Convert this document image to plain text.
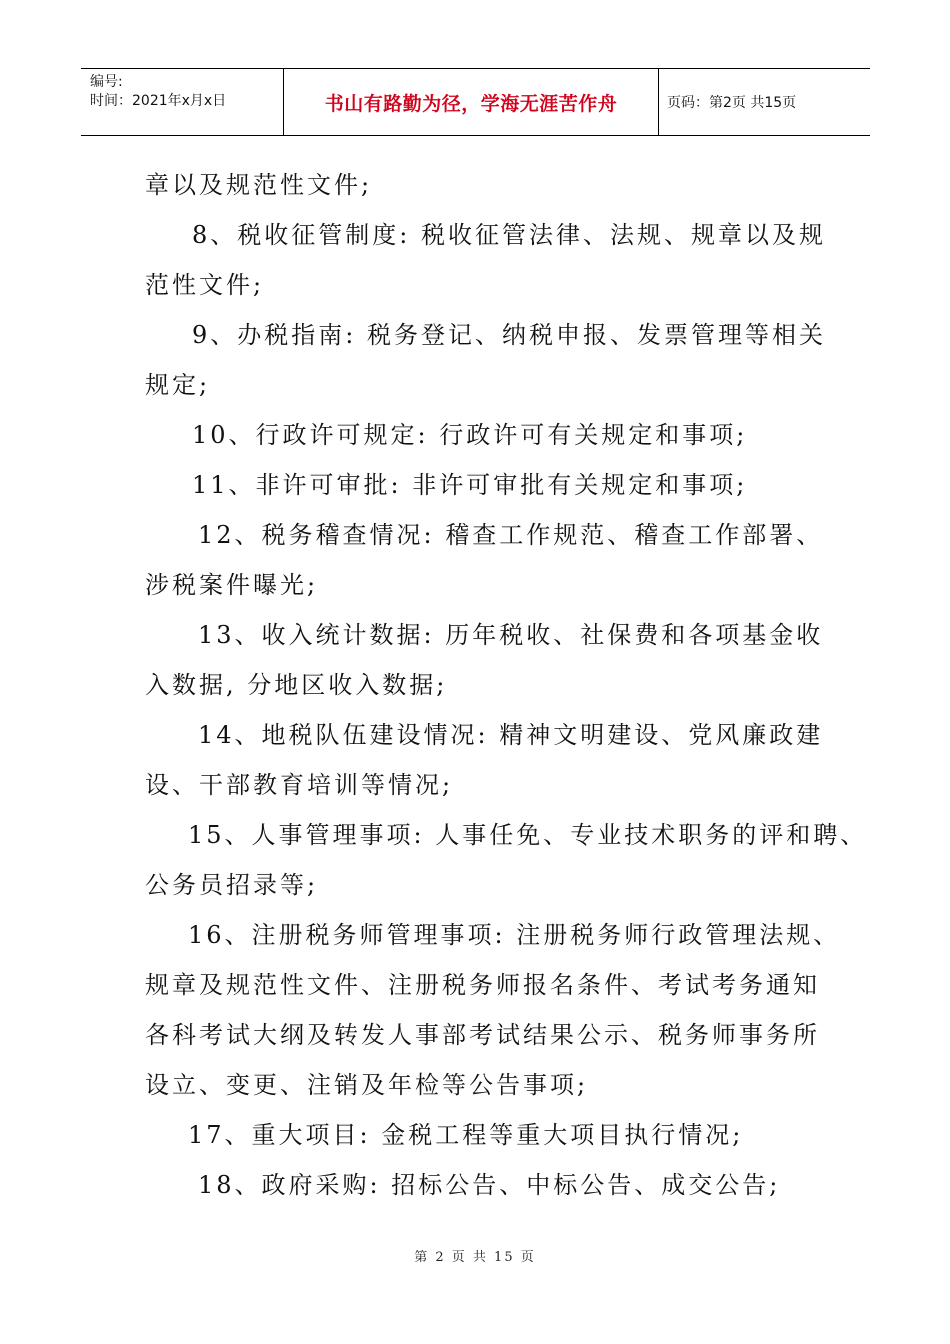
编号:
时间：2021年x月x日	书山有路勤为径，学海无涯苦作舟	页码：第2页 共15页
章以及规范性文件;
8、税收征管制度: 税收征管法律、法规、规章以及规
范性文件;
9、办税指南: 税务登记、纳税申报、发票管理等相关
规定;
10、行政许可规定: 行政许可有关规定和事项;
11、非许可审批: 非许可审批有关规定和事项;
12、税务稽查情况: 稽查工作规范、稽查工作部署、
涉税案件曝光;
13、收入统计数据: 历年税收、社保费和各项基金收
入数据, 分地区收入数据;
14、地税队伍建设情况: 精神文明建设、党风廉政建
设、干部教育培训等情况;
15、人事管理事项: 人事任免、专业技术职务的评和聘、
公务员招录等;
16、注册税务师管理事项: 注册税务师行政管理法规、
规章及规范性文件、注册税务师报名条件、考试考务通知
各科考试大纲及转发人事部考试结果公示、税务师事务所
设立、变更、注销及年检等公告事项;
17、重大项目: 金税工程等重大项目执行情况;
18、政府采购: 招标公告、中标公告、成交公告;
第 2 页 共 15 页
